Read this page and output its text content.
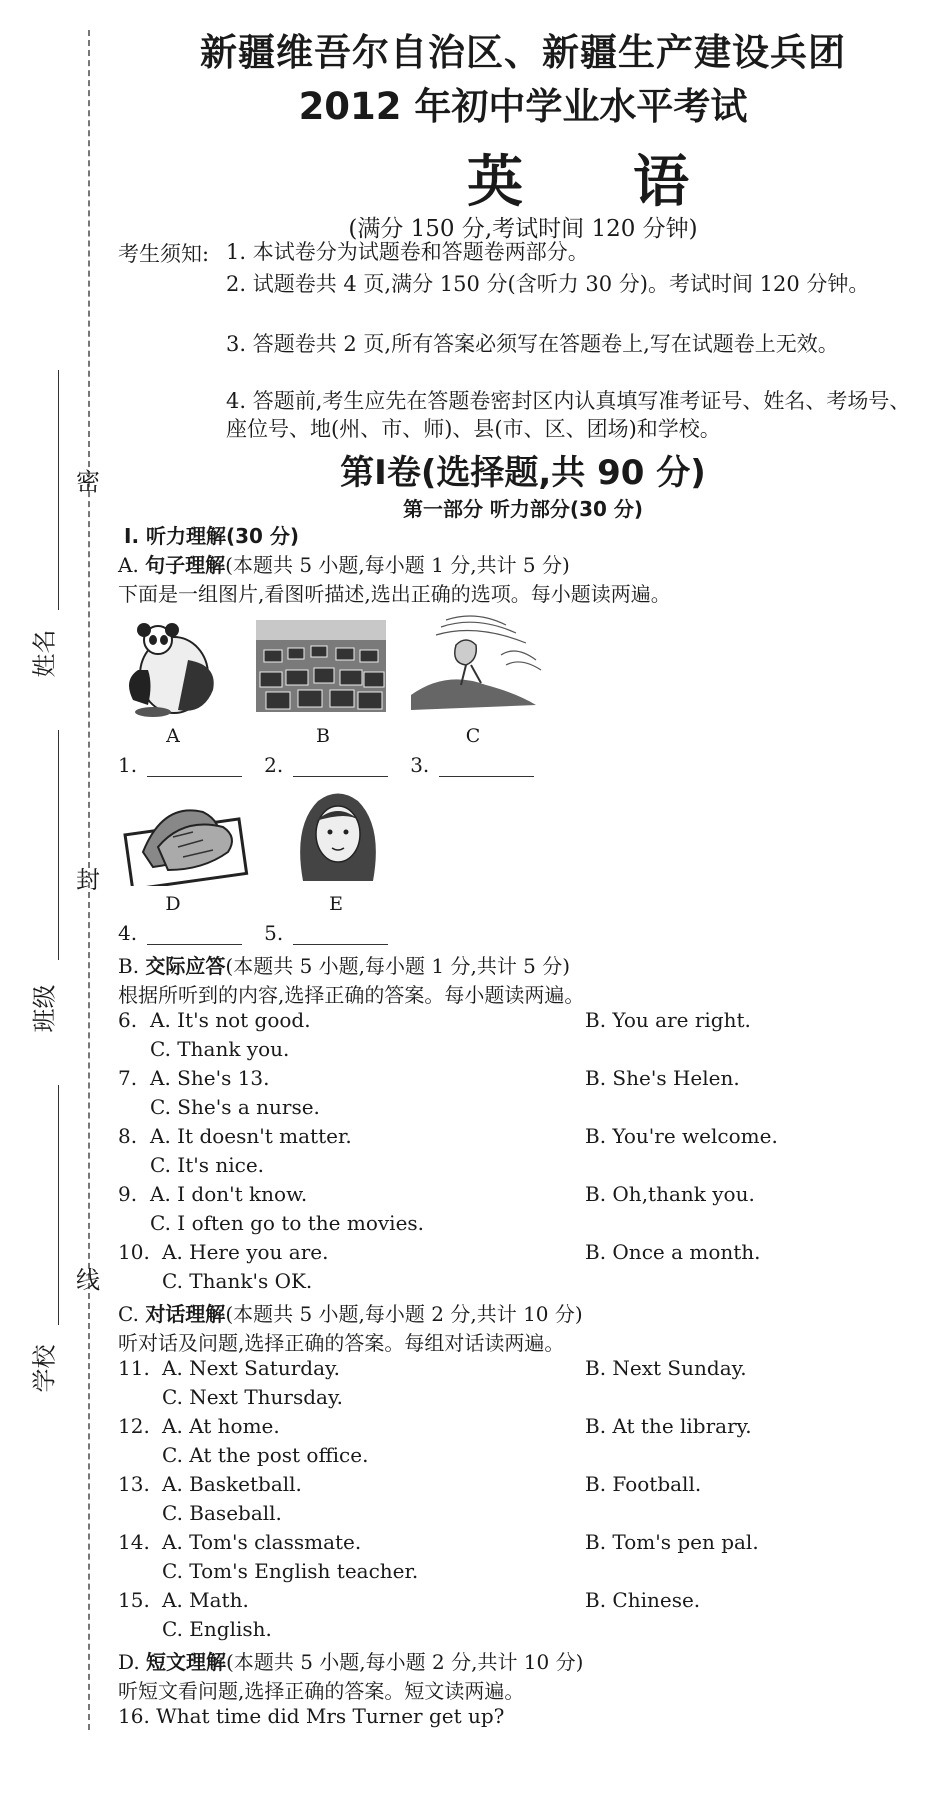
密
封
线
姓名
班级
学校
新疆维吾尔自治区、新疆生产建设兵团
2012 年初中学业水平考试
英语
(满分 150 分,考试时间 120 分钟)
考生须知: 1. 本试卷分为试题卷和答题卷两部分。
2. 试题卷共 4 页,满分 150 分(含听力 30 分)。考试时间 120 分钟。
3. 答题卷共 2 页,所有答案必须写在答题卷上,写在试题卷上无效。
4. 答题前,考生应先在答题卷密封区内认真填写准考证号、姓名、考场号、座位号、地(州、市、师)、县(市、区、团场)和学校。
第Ⅰ卷(选择题,共 90 分)
第一部分 听力部分(30 分)
Ⅰ. 听力理解(30 分)
A. 句子理解(本题共 5 小题,每小题 1 分,共计 5 分)
下面是一组图片,看图听描述,选出正确的选项。每小题读两遍。
A	B	C
1.	2.	3.
D	E
4.	5.
B. 交际应答(本题共 5 小题,每小题 1 分,共计 5 分)
根据所听到的内容,选择正确的答案。每小题读两遍。
6. A. It's not good.	B. You are right.
C. Thank you.
7. A. She's 13.	B. She's Helen.
C. She's a nurse.
8. A. It doesn't matter.	B. You're welcome.
C. It's nice.
9. A. I don't know.	B. Oh,thank you.
C. I often go to the movies.
10. A. Here you are.	B. Once a month.
C. Thank's OK.
C. 对话理解(本题共 5 小题,每小题 2 分,共计 10 分)
听对话及问题,选择正确的答案。每组对话读两遍。
11. A. Next Saturday.	B. Next Sunday.
C. Next Thursday.
12. A. At home.	B. At the library.
C. At the post office.
13. A. Basketball.	B. Football.
C. Baseball.
14. A. Tom's classmate.	B. Tom's pen pal.
C. Tom's English teacher.
15. A. Math.	B. Chinese.
C. English.
D. 短文理解(本题共 5 小题,每小题 2 分,共计 10 分)
听短文看问题,选择正确的答案。短文读两遍。
16. What time did Mrs Turner get up?
